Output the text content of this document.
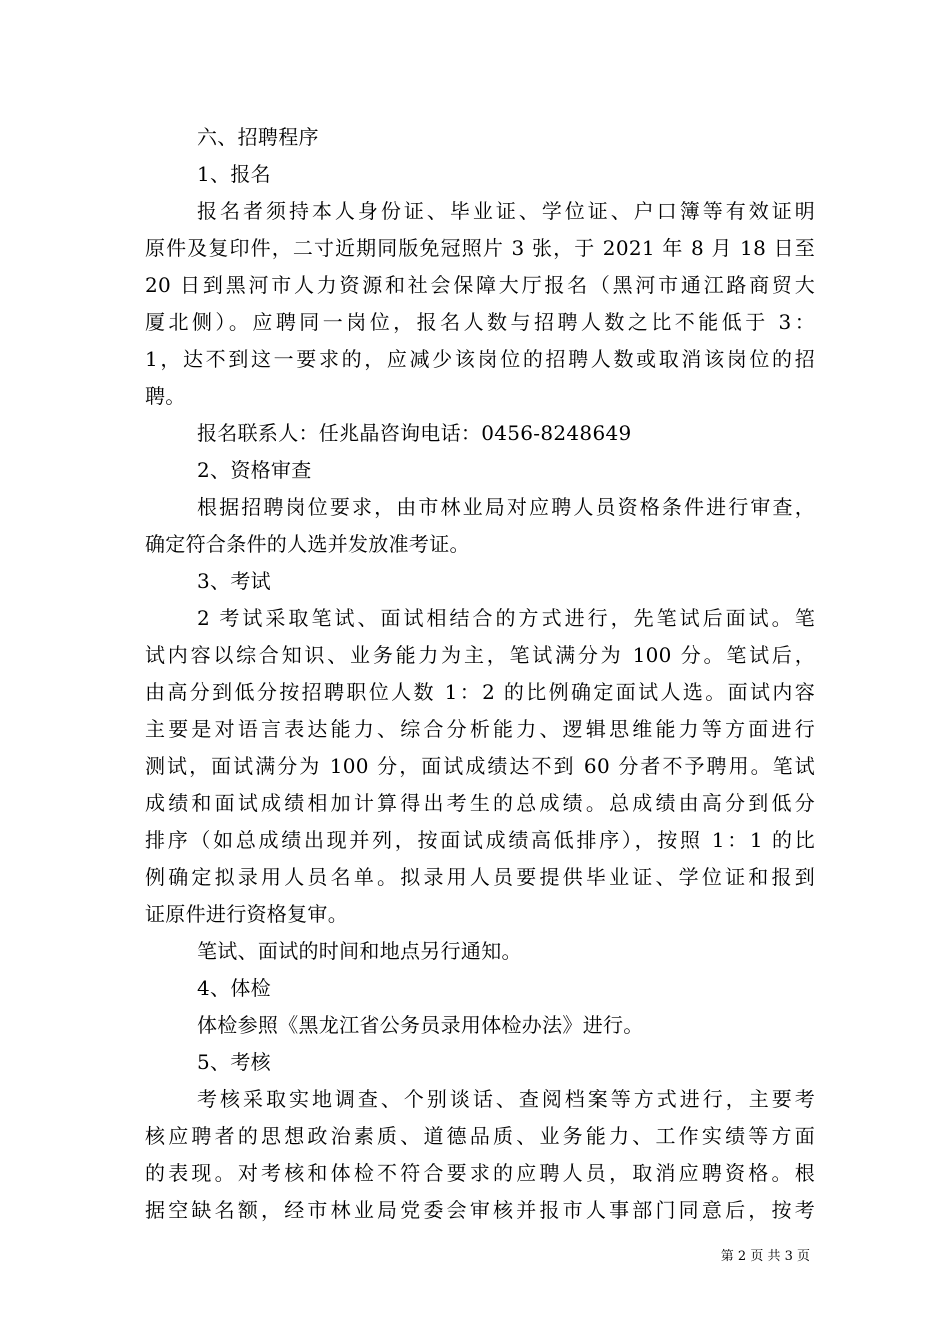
六、招聘程序
1、报名
报名者须持本人身份证、毕业证、学位证、户口簿等有效证明
原件及复印件，二寸近期同版免冠照片 3 张，于 2021 年 8 月 18 日至
20 日到黑河市人力资源和社会保障大厅报名（黑河市通江路商贸大
厦北侧）。应聘同一岗位，报名人数与招聘人数之比不能低于 3：
1，达不到这一要求的，应减少该岗位的招聘人数或取消该岗位的招
聘。
报名联系人：任兆晶咨询电话：0456-8248649
2、资格审查
根据招聘岗位要求，由市林业局对应聘人员资格条件进行审查，
确定符合条件的人选并发放准考证。
3、考试
2 考试采取笔试、面试相结合的方式进行，先笔试后面试。笔
试内容以综合知识、业务能力为主，笔试满分为 100 分。笔试后，
由高分到低分按招聘职位人数 1：2 的比例确定面试人选。面试内容
主要是对语言表达能力、综合分析能力、逻辑思维能力等方面进行
测试，面试满分为 100 分，面试成绩达不到 60 分者不予聘用。笔试
成绩和面试成绩相加计算得出考生的总成绩。总成绩由高分到低分
排序（如总成绩出现并列，按面试成绩高低排序），按照 1：1 的比
例确定拟录用人员名单。拟录用人员要提供毕业证、学位证和报到
证原件进行资格复审。
笔试、面试的时间和地点另行通知。
4、体检
体检参照《黑龙江省公务员录用体检办法》进行。
5、考核
考核采取实地调查、个别谈话、查阅档案等方式进行，主要考
核应聘者的思想政治素质、道德品质、业务能力、工作实绩等方面
的表现。对考核和体检不符合要求的应聘人员，取消应聘资格。根
据空缺名额，经市林业局党委会审核并报市人事部门同意后，按考
第 2 页 共 3 页
